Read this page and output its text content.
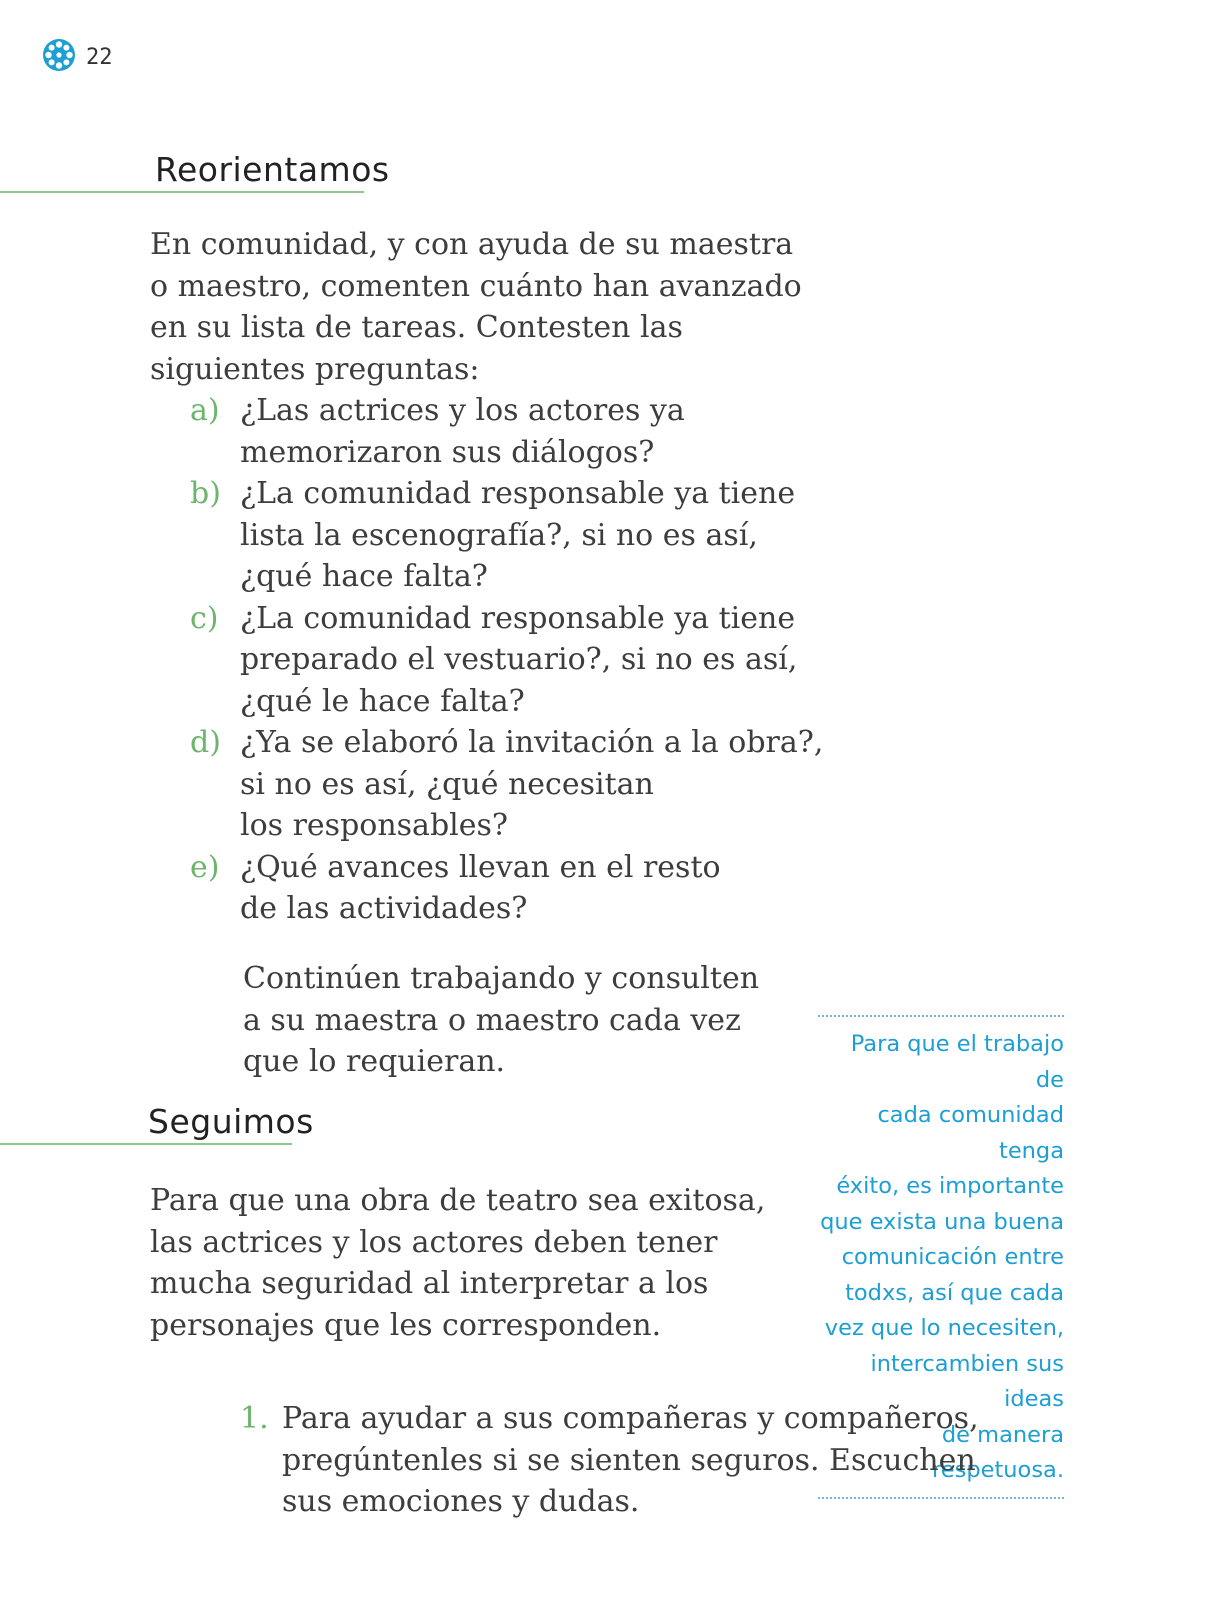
22
Reorientamos

En comunidad, y con ayuda de su maestra

o maestro, comenten cuánto han avanzado

en su lista de tareas. Contesten las

siguientes preguntas:

a) ¿Las actrices y los actores ya
memorizaron sus diálogos?
b) ¿La comunidad responsable ya tiene
lista la escenografía?, si no es así,
¿qué hace falta?
c) ¿La comunidad responsable ya tiene
preparado el vestuario?, si no es así,
¿qué le hace falta?
d) ¿Ya se elaboró la invitación a la obra?,
si no es así, ¿qué necesitan
los responsables?
e) ¿Qué avances llevan en el resto
de las actividades?

Continúen trabajando y consulten

a su maestra o maestro cada vez

que lo requieran.	Para que el trabajo de
cada comunidad tenga
éxito, es importante
que exista una buena
comunicación entre
todxs, así que cada
vez que lo necesiten,
intercambien sus ideas
de manera respetuosa.
Seguimos

Para que una obra de teatro sea exitosa,

las actrices y los actores deben tener

mucha seguridad al interpretar a los

personajes que les corresponden.

1. Para ayudar a sus compañeras y compañeros,
pregúntenles si se sienten seguros. Escuchen
sus emociones y dudas.
